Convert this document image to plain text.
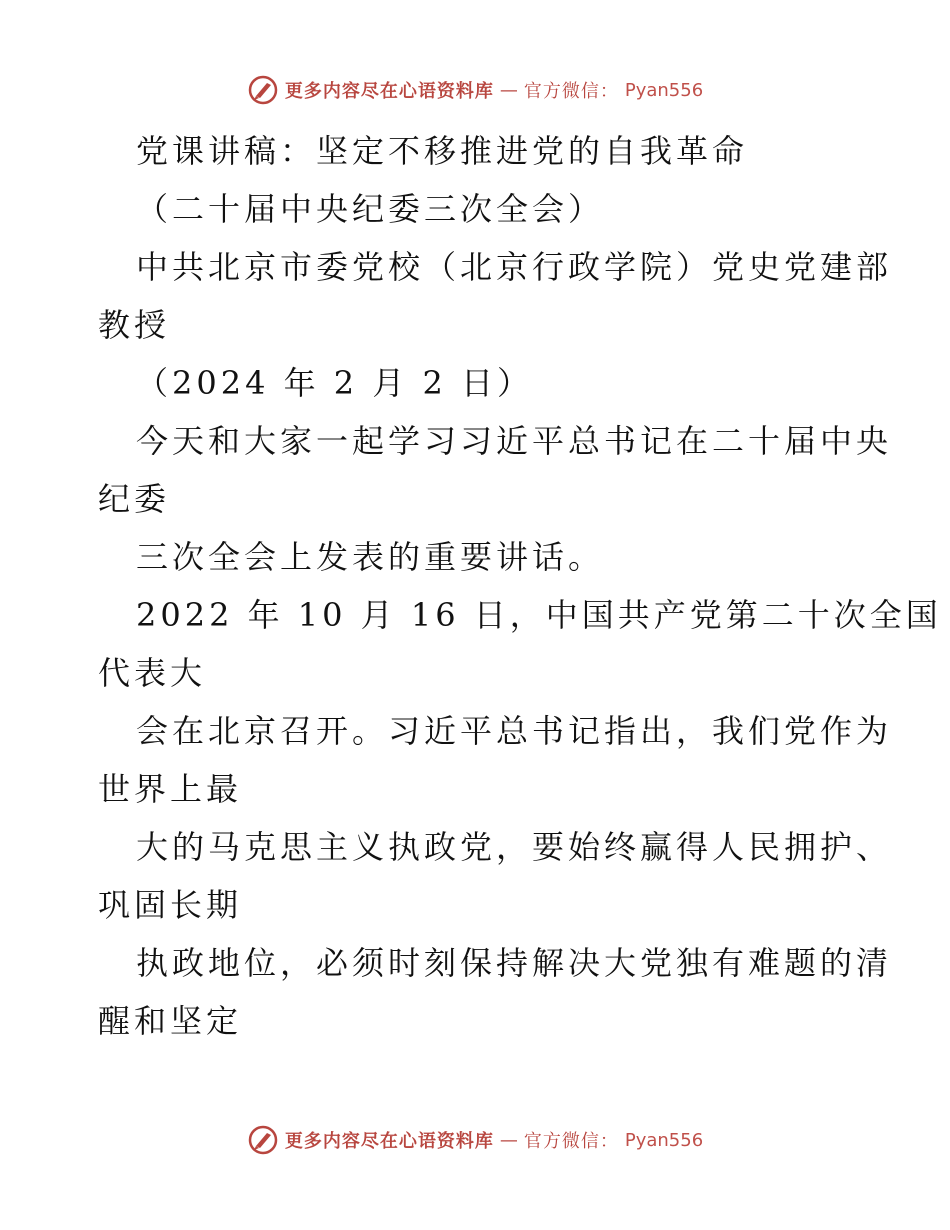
更多内容尽在心语资料库 — 官方微信： Pyan556
党课讲稿：坚定不移推进党的自我革命
（二十届中央纪委三次全会）
中共北京市委党校（北京行政学院）党史党建部
教授
（2024 年 2 月 2 日）
今天和大家一起学习习近平总书记在二十届中央
纪委
三次全会上发表的重要讲话。
2022 年 10 月 16 日，中国共产党第二十次全国
代表大
会在北京召开。习近平总书记指出，我们党作为
世界上最
大的马克思主义执政党，要始终赢得人民拥护、
巩固长期
执政地位，必须时刻保持解决大党独有难题的清
醒和坚定
更多内容尽在心语资料库 — 官方微信： Pyan556
